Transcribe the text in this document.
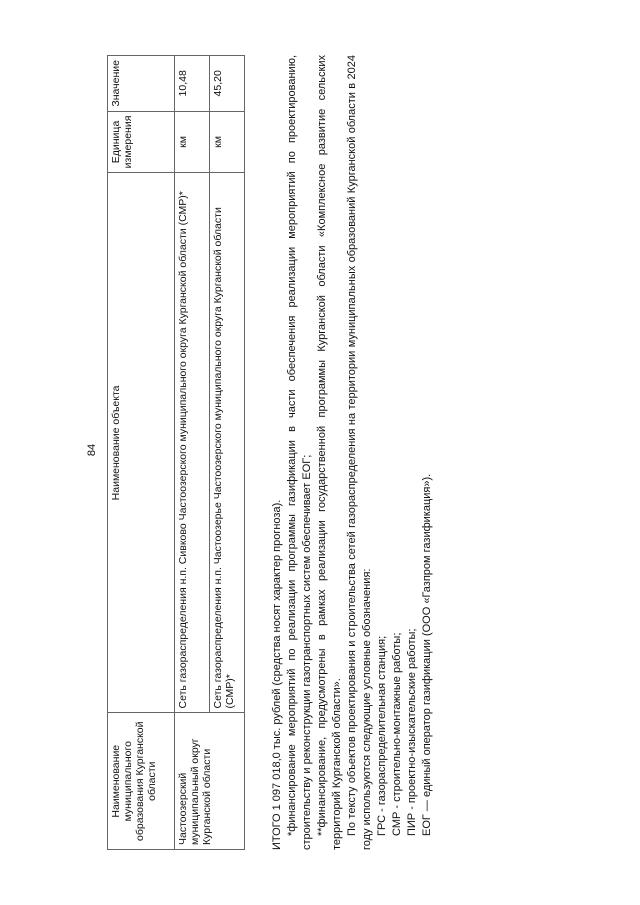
84
Наименование муниципального образования Курганской области	Наименование объекта	Единица измерения	Значение
Частоозерский муниципальный округ Курганской области	Сеть газораспределения н.п. Сивково Частоозерского муниципального округа Курганской области (СМР)*	км	10,48
	Сеть газораспределения н.п. Частоозерье Частоозерского муниципального округа Курганской области (СМР)*	км	45,20

ИТОГО 1 097 018,0 тыс. рублей (средства носят характер прогноза). *финансирование мероприятий по реализации программы газификации в части обеспечения реализации мероприятий по проектированию, строительству и реконструкции газотранспортных систем обеспечивает ЕОГ; **финансирование, предусмотрены в рамках реализации государственной программы Курганской области «Комплексное развитие сельских территорий Курганской области». По тексту объектов проектирования и строительства сетей газораспределения на территории муниципальных образований Курганской области в 2024 году используются следующие условные обозначения: ГРС - газораспределительная станция; СМР - строительно-монтажные работы; ПИР - проектно-изыскательские работы; ЕОГ — единый оператор газификации (ООО «Газпром газификация»).
